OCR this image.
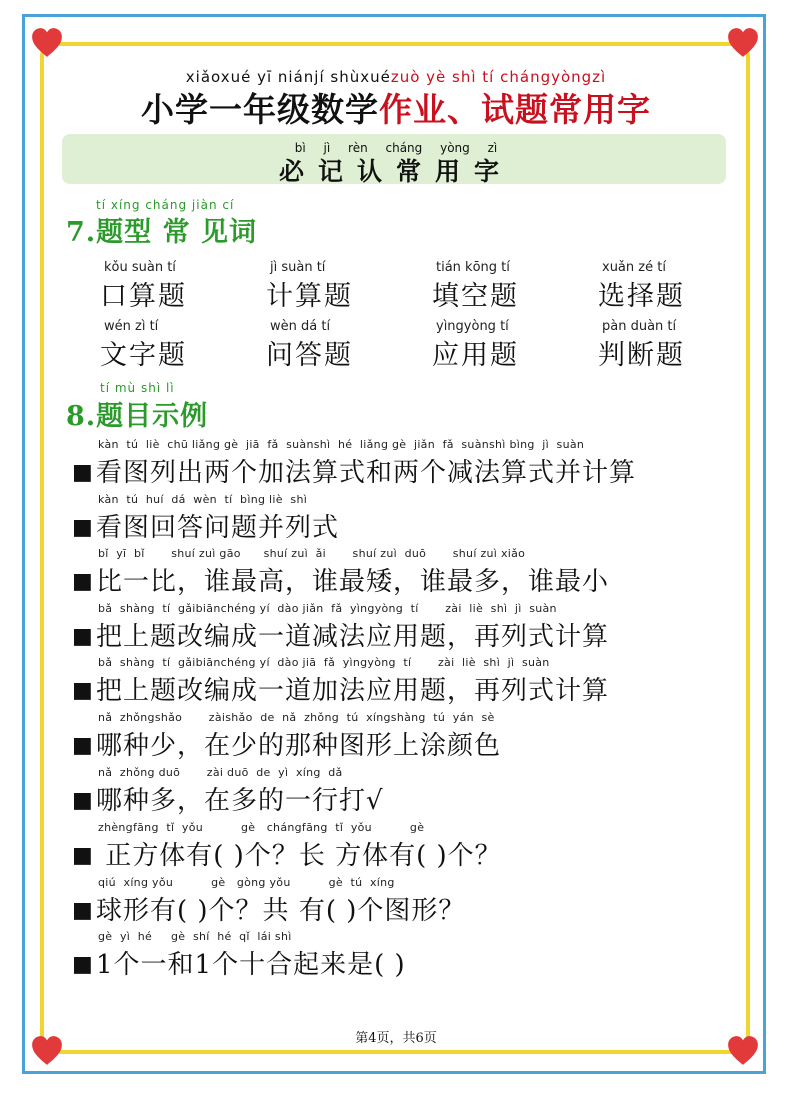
xiǎoxué yī niánjí shùxuézuò yè shì tí chángyòngzì
小学一年级数学作业、试题常用字
bì jì rèn cháng yòng zì
必记认常用字
tí xíng cháng jiàn cí
7.题型 常 见词
kǒu suàn tí
口算题
jì suàn tí
计算题
tián kōng tí
填空题
xuǎn zé tí
选择题
wén zì tí
文字题
wèn dá tí
问答题
yìngyòng tí
应用题
pàn duàn tí
判断题
tí mù shì lì
8.题目示例
kàn  tú  liè  chū liǎng gè  jiā  fǎ  suànshì  hé  liǎng gè  jiǎn  fǎ  suànshì bìng  jì  suàn
■ 看图列出两个加法算式和两个减法算式并计算
kàn  tú  huí  dá  wèn  tí  bìng liè  shì
■ 看图回答问题并列式
bǐ  yī  bǐ       shuí zuì gāo      shuí zuì  ǎi       shuí zuì  duō       shuí zuì xiǎo
■ 比一比，谁最高，谁最矮，谁最多，谁最小
bǎ  shàng  tí  gǎibiānchéng yí  dào jiǎn  fǎ  yìngyòng  tí       zài  liè  shì  jì  suàn
■ 把上题改编成一道减法应用题，再列式计算
bǎ  shàng  tí  gǎibiānchéng yí  dào jiā  fǎ  yìngyòng  tí       zài  liè  shì  jì  suàn
■ 把上题改编成一道加法应用题，再列式计算
nǎ  zhǒngshǎo       zàishǎo  de  nǎ  zhǒng  tú  xíngshàng  tú  yán  sè
■ 哪种少，在少的那种图形上涂颜色
nǎ  zhǒng duō       zài duō  de  yì  xíng  dǎ
■ 哪种多，在多的一行打√
zhèngfāng  tǐ  yǒu          gè   chángfāng  tǐ  yǒu          gè
■ 正方体有( )个？长 方体有( )个？
qiú  xíng yǒu          gè   gòng yǒu          gè  tú  xíng
■ 球形有( )个？共 有( )个图形？
gè  yì  hé     gè  shí  hé  qǐ  lái shì
■ 1个一和1个十合起来是( )
第4页，共6页
